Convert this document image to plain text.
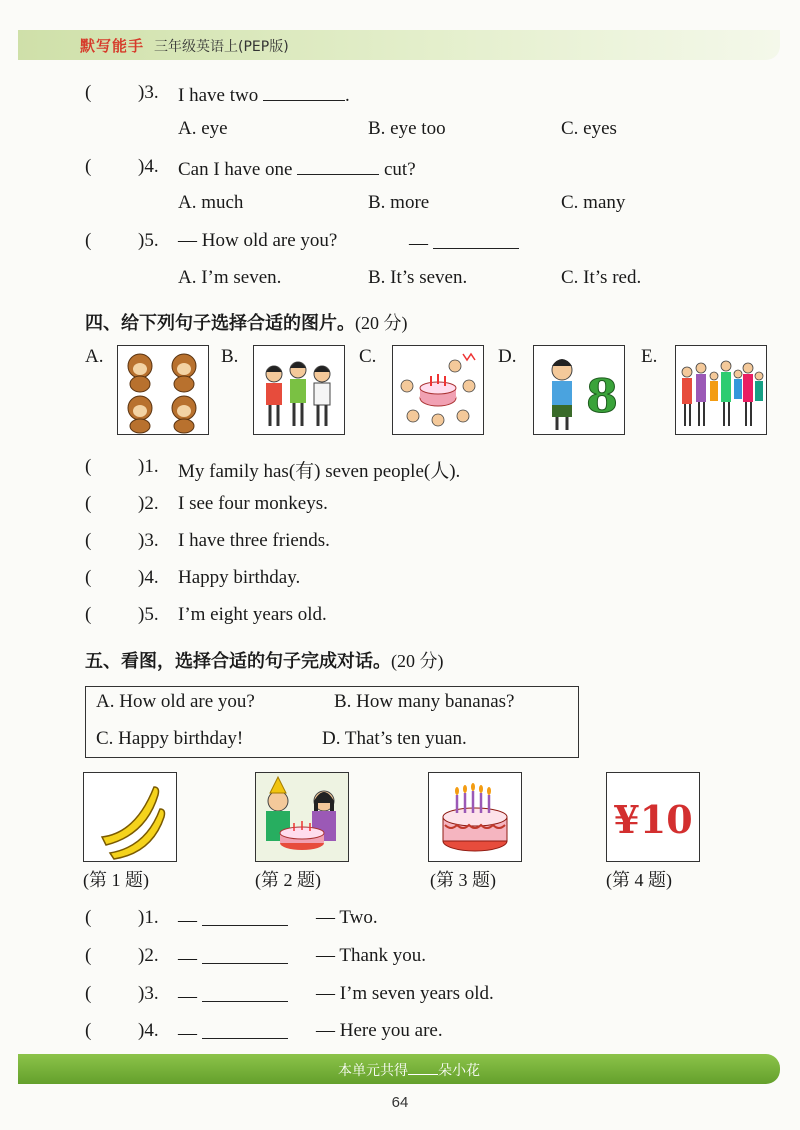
默写能手 三年级英语上(PEP版)
( )3. I have two	.
A. eye	B. eye too	C. eyes
( )4. Can I have one	cut?
A. much	B. more	C. many
( )5. — How old are you?	—
A. I’m seven.	B. It’s seven.	C. It’s red.
四、给下列句子选择合适的图片。(20 分)
A.	B.	C.	D.
8
E.
( )1. My family has(有) seven people(人).
( )2. I see four monkeys.
( )3. I have three friends.
( )4. Happy birthday.
( )5. I’m eight years old.
五、看图，选择合适的句子完成对话。(20 分)
A. How old are you?	B. How many bananas?
C. Happy birthday!	D. That’s ten yuan.
(第 1 题)	(第 2 题)	(第 3 题)
¥10
(第 4 题)
( )1. —	— Two.
( )2. —	— Thank you.
( )3. —	— I’m seven years old.
( )4. —	— Here you are.
本单元共得 朵小花
64
